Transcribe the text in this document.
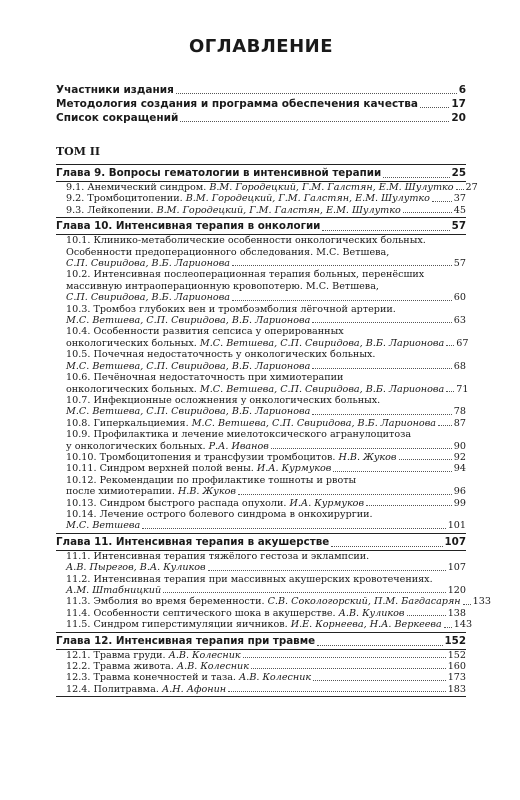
ОГЛАВЛЕНИЕ
Участники издания	6
Методология создания и программа обеспечения качества	17
Список сокращений	20
ТОМ II
Глава 9. Вопросы гематологии в интенсивной терапии	25
9.1. Анемический синдром. В.М. Городецкий, Г.М. Галстян, Е.М. Шулутко 27
9.2. Тромбоцитопении. В.М. Городецкий, Г.М. Галстян, Е.М. Шулутко 37
9.3. Лейкопении. В.М. Городецкий, Г.М. Галстян, Е.М. Шулутко	45
Глава 10. Интенсивная терапия в онкологии	57
10.1. Клинико-метаболические особенности онкологических больных.
Особенности предоперационного обследования. М.С. Ветшева,
С.П. Свиридова, В.Б. Ларионова	57
10.2. Интенсивная послеоперационная терапия больных, перенёсших
массивную интраоперационную кровопотерю. М.С. Ветшева,
С.П. Свиридова, В.Б. Ларионова	60
10.3. Тромбоз глубоких вен и тромбоэмболия лёгочной артерии.
М.С. Ветшева, С.П. Свиридова, В.Б. Ларионова	63
10.4. Особенности развития сепсиса у оперированных
онкологических больных. М.С. Ветшева, С.П. Свиридова, В.Б. Ларионова 67
10.5. Почечная недостаточность у онкологических больных.
М.С. Ветшева, С.П. Свиридова, В.Б. Ларионова	68
10.6. Печёночная недостаточность при химиотерапии
онкологических больных. М.С. Ветшева, С.П. Свиридова, В.Б. Ларионова 71
10.7. Инфекционные осложнения у онкологических больных.
М.С. Ветшева, С.П. Свиридова, В.Б. Ларионова	78
10.8. Гиперкальциемия. М.С. Ветшева, С.П. Свиридова, В.Б. Ларионова 87
10.9. Профилактика и лечение миелотоксического агранулоцитоза
у онкологических больных. Р.А. Иванов	90
10.10. Тромбоцитопения и трансфузии тромбоцитов. Н.В. Жуков	92
10.11. Синдром верхней полой вены. И.А. Курмуков	94
10.12. Рекомендации по профилактике тошноты и рвоты
после химиотерапии. Н.В. Жуков	96
10.13. Синдром быстрого распада опухоли. И.А. Курмуков	99
10.14. Лечение острого болевого синдрома в онкохирургии.
М.С. Ветшева	101
Глава 11. Интенсивная терапия в акушерстве	107
11.1. Интенсивная терапия тяжёлого гестоза и эклампсии.
А.В. Пырегов, В.А. Куликов	107
11.2. Интенсивная терапия при массивных акушерских кровотечениях.
А.М. Штабницкий	120
11.3. Эмболия во время беременности. С.В. Сокологорский, П.М. Багдасарян 133
11.4. Особенности септического шока в акушерстве. А.В. Куликов	138
11.5. Синдром гиперстимуляции яичников. И.Е. Корнеева, Н.А. Веркеева 143
Глава 12. Интенсивная терапия при травме	152
12.1. Травма груди. А.В. Колесник	152
12.2. Травма живота. А.В. Колесник	160
12.3. Травма конечностей и таза. А.В. Колесник	173
12.4. Политравма. А.Н. Афонин	183
